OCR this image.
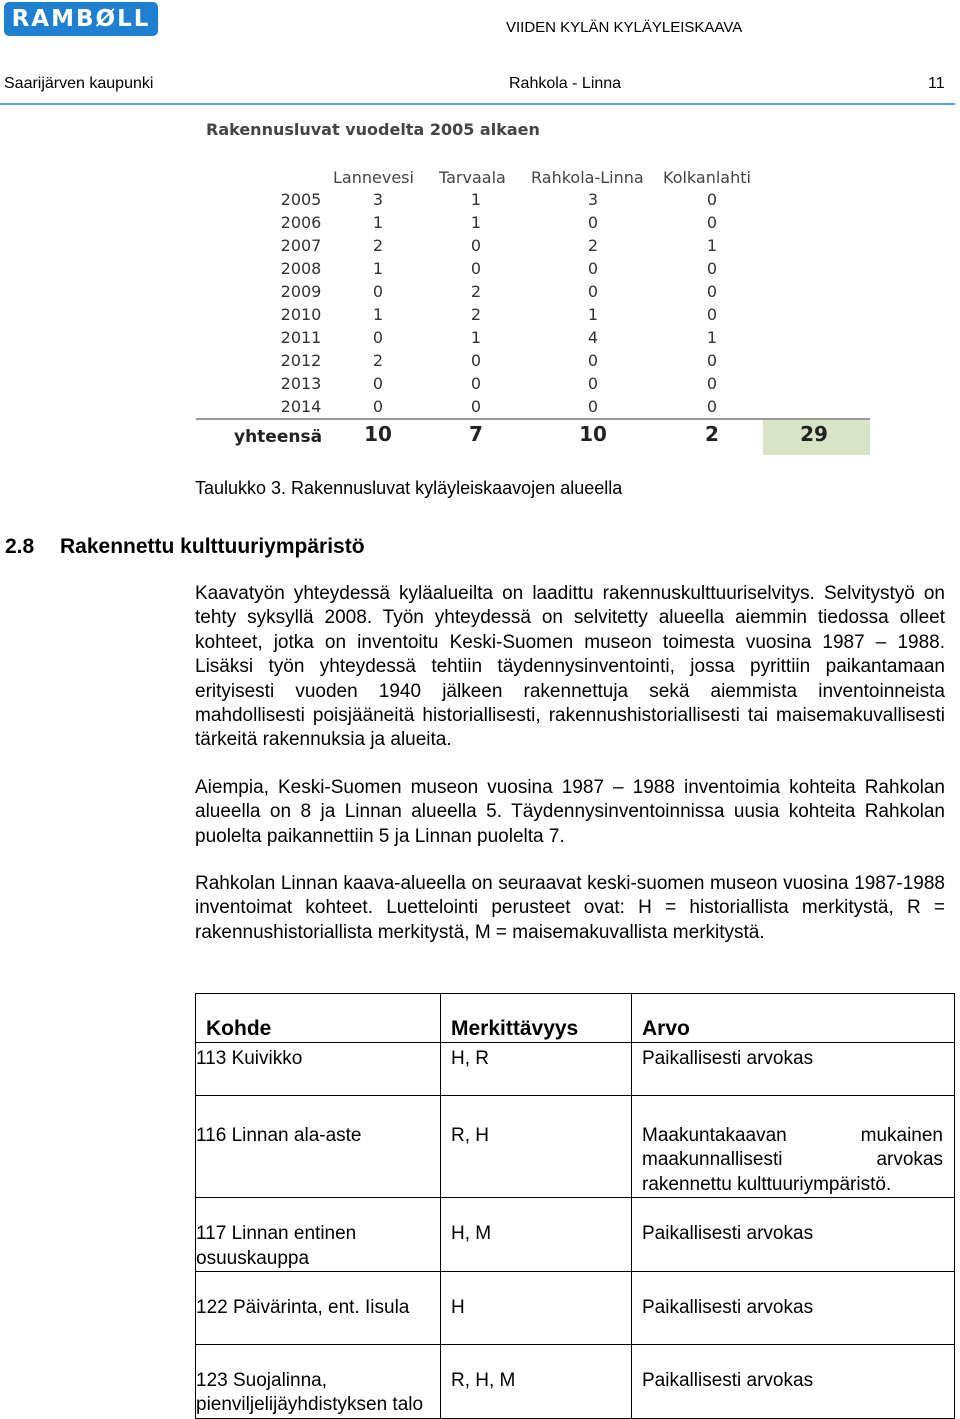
RAMBØLL	VIIDEN KYLÄN KYLÄYLEISKAAVA
Saarijärven kaupunki	Rahkola - Linna	11
Rakennusluvat vuodelta 2005 alkaen
Lannevesi Tarvaala Rahkola-Linna Kolkanlahti
2005	3	1	3	0
2006	1	1	0	0
2007	2	0	2	1
2008	1	0	0	0
2009	0	2	0	0
2010	1	2	1	0
2011	0	1	4	1
2012	2	0	0	0
2013	0	0	0	0
2014	0	0	0	0
yhteensä	10	7	10	2	29
Taulukko 3. Rakennusluvat kyläyleiskaavojen alueella
2.8 Rakennettu kulttuuriympäristö

Kaavatyön yhteydessä kyläalueilta on laadittu rakennuskulttuuriselvitys. Selvitystyö on tehty syksyllä 2008. Työn yhteydessä on selvitetty alueella aiemmin tiedossa olleet kohteet, jotka on inventoitu Keski-Suomen museon toimesta vuosina 1987 – 1988. Lisäksi työn yhteydessä tehtiin täydennysinventointi, jossa pyrittiin paikantamaan erityisesti vuoden 1940 jälkeen rakennettuja sekä aiemmista inventoinneista mahdollisesti poisjääneitä historiallisesti, rakennushistoriallisesti tai maisemakuvallisesti tärkeitä rakennuksia ja alueita.

Aiempia, Keski-Suomen museon vuosina 1987 – 1988 inventoimia kohteita Rahkolan alueella on 8 ja Linnan alueella 5. Täydennysinventoinnissa uusia kohteita Rahkolan puolelta paikannettiin 5 ja Linnan puolelta 7.

Rahkolan Linnan kaava-alueella on seuraavat keski-suomen museon vuosina 1987-1988 inventoimat kohteet. Luettelointi perusteet ovat: H = historiallista merkitystä, R = rakennushistoriallista merkitystä, M = maisemakuvallista merkitystä.

Kohde	Merkittävyys	Arvo
113 Kuivikko	H, R	Paikallisesti arvokas
116 Linnan ala-aste	R, H	Maakuntakaavan mukainen maakunnallisesti arvokas rakennettu kulttuuriympäristö.
117 Linnan entinen osuuskauppa	H, M	Paikallisesti arvokas
122 Päivärinta, ent. Iisula	H	Paikallisesti arvokas
123 Suojalinna, pienviljelijäyhdistyksen talo	R, H, M	Paikallisesti arvokas
